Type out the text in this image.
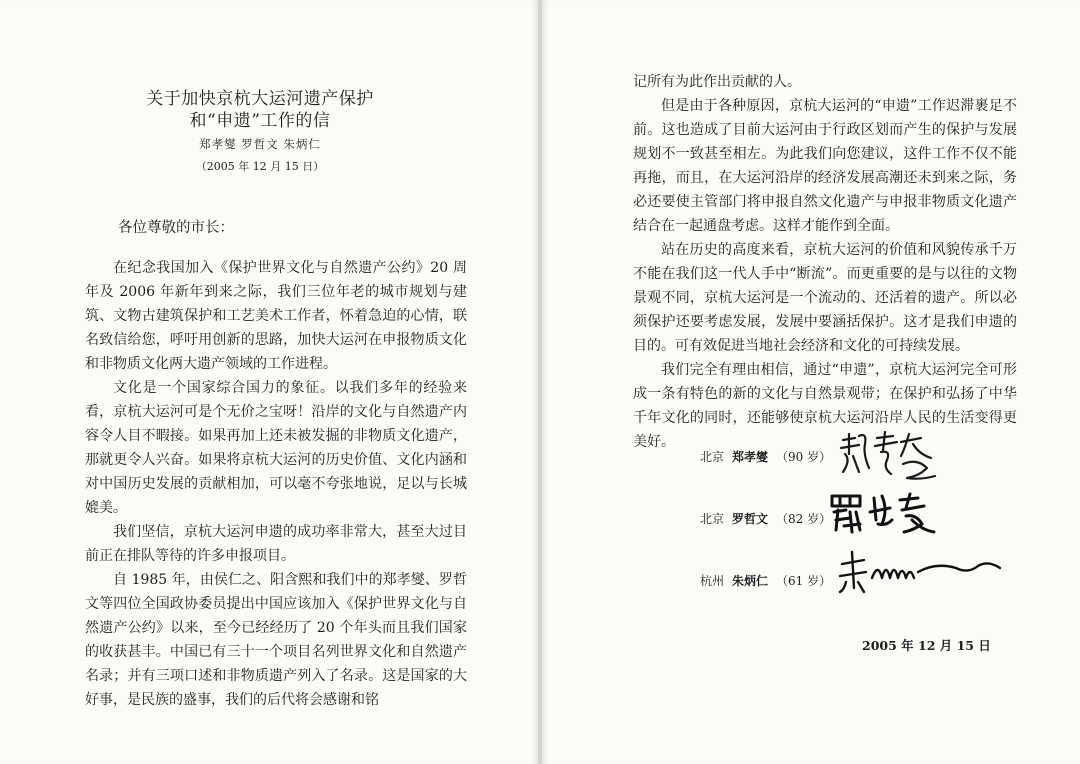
关于加快京杭大运河遗产保护
和“申遗”工作的信
郑孝燮 罗哲文 朱炳仁
（2005 年 12 月 15 日）
各位尊敬的市长：

在纪念我国加入《保护世界文化与自然遗产公约》20 周年及 2006 年新年到来之际，我们三位年老的城市规划与建筑、文物古建筑保护和工艺美术工作者，怀着急迫的心情，联名致信给您，呼吁用创新的思路，加快大运河在申报物质文化和非物质文化两大遗产领域的工作进程。

文化是一个国家综合国力的象征。以我们多年的经验来看，京杭大运河可是个无价之宝呀！沿岸的文化与自然遗产内容令人目不暇接。如果再加上还未被发掘的非物质文化遗产，那就更令人兴奋。如果将京杭大运河的历史价值、文化内涵和对中国历史发展的贡献相加，可以毫不夸张地说，足以与长城媲美。

我们坚信，京杭大运河申遗的成功率非常大，甚至大过目前正在排队等待的许多申报项目。

自 1985 年，由侯仁之、阳含熙和我们中的郑孝燮、罗哲文等四位全国政协委员提出中国应该加入《保护世界文化与自然遗产公约》以来，至今已经经历了 20 个年头而且我们国家的收获甚丰。中国已有三十一个项目名列世界文化和自然遗产名录；并有三项口述和非物质遗产列入了名录。这是国家的大好事，是民族的盛事，我们的后代将会感谢和铭

记所有为此作出贡献的人。

但是由于各种原因，京杭大运河的“申遗”工作迟滞裹足不前。这也造成了目前大运河由于行政区划而产生的保护与发展规划不一致甚至相左。为此我们向您建议，这件工作不仅不能再拖，而且，在大运河沿岸的经济发展高潮还未到来之际，务必还要使主管部门将申报自然文化遗产与申报非物质文化遗产结合在一起通盘考虑。这样才能作到全面。

站在历史的高度来看，京杭大运河的价值和风貌传承千万不能在我们这一代人手中“断流”。而更重要的是与以往的文物景观不同，京杭大运河是一个流动的、还活着的遗产。所以必须保护还要考虑发展，发展中要涵括保护。这才是我们申遗的目的。可有效促进当地社会经济和文化的可持续发展。

我们完全有理由相信，通过“申遗”，京杭大运河完全可形成一条有特色的新的文化与自然景观带；在保护和弘扬了中华千年文化的同时，还能够使京杭大运河沿岸人民的生活变得更美好。

北京 郑孝燮 （90 岁）
北京 罗哲文 （82 岁）
杭州 朱炳仁 （61 岁）
2005 年 12 月 15 日
